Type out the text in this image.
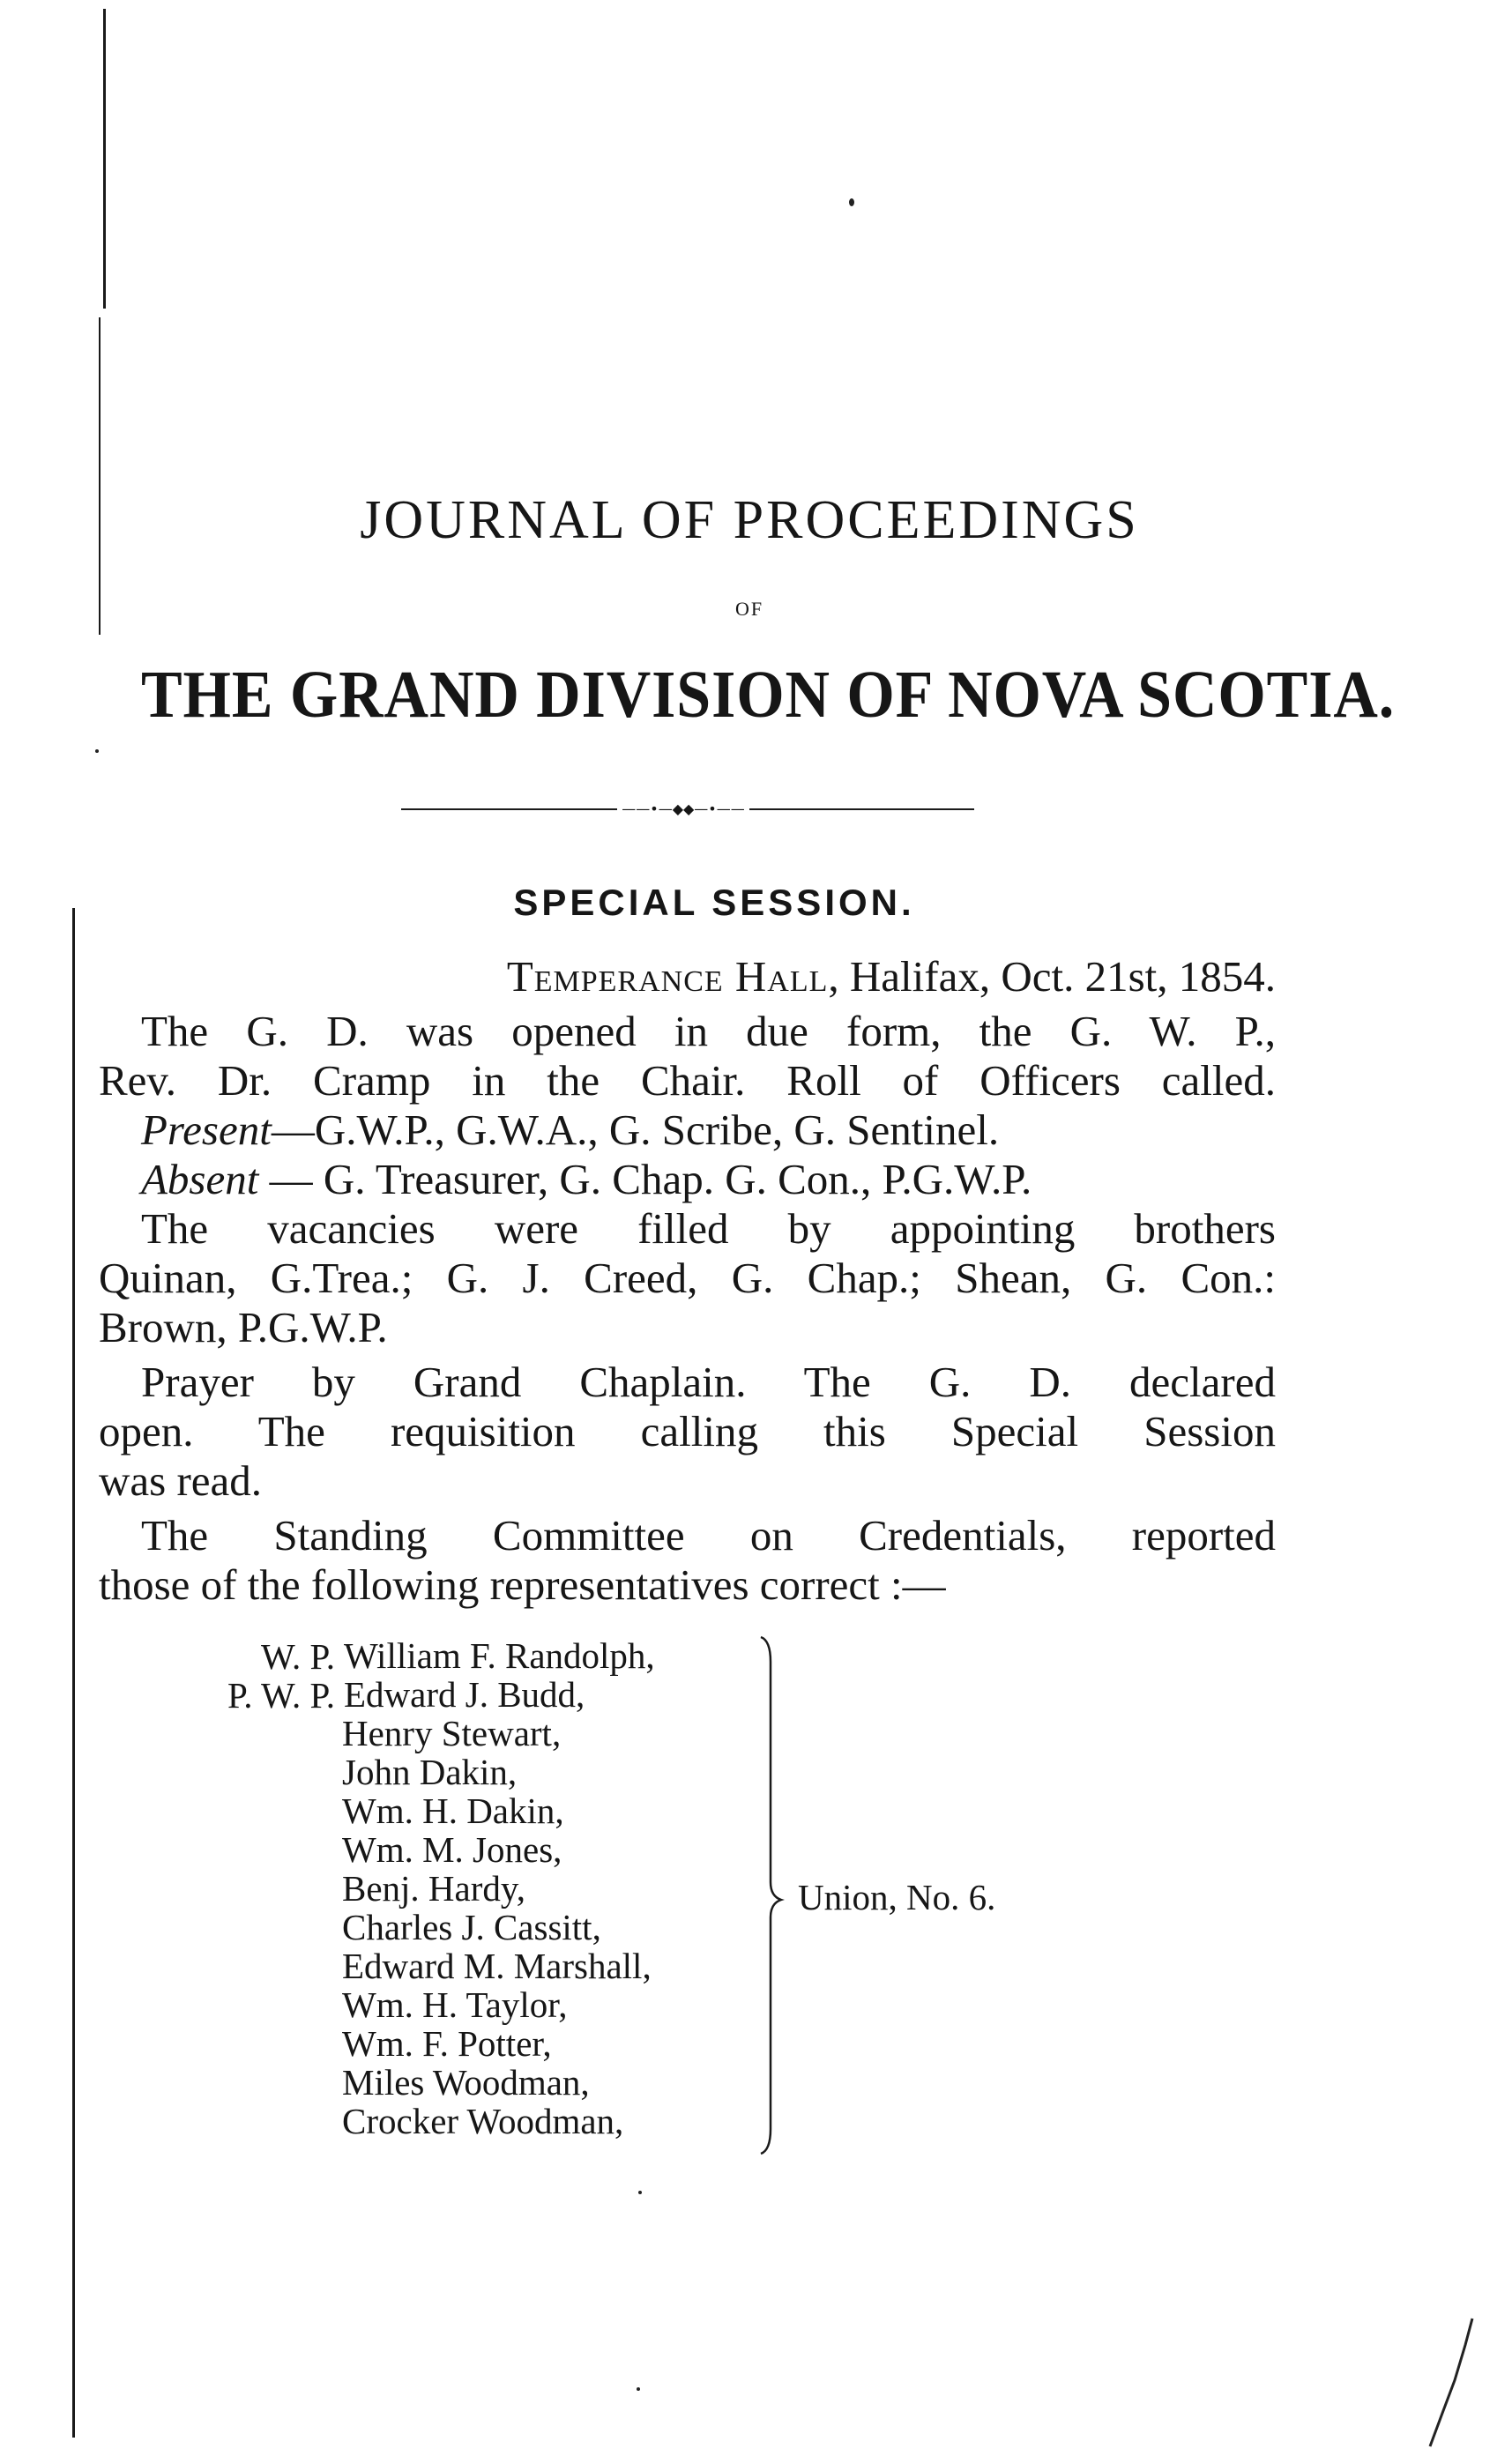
JOURNAL OF PROCEEDINGS
OF
THE GRAND DIVISION OF NOVA SCOTIA.
——•—◆◆—•——
SPECIAL SESSION.
Temperance Hall, Halifax, Oct. 21st, 1854.
The G. D. was opened in due form, the G. W. P.,
Rev. Dr. Cramp in the Chair. Roll of Officers called.
Present—G.W.P., G.W.A., G. Scribe, G. Sentinel.
Absent — G. Treasurer, G. Chap. G. Con., P.G.W.P.
The vacancies were filled by appointing brothers
Quinan, G.Trea.; G. J. Creed, G. Chap.; Shean, G. Con.:
Brown, P.G.W.P.
Prayer by Grand Chaplain. The G. D. declared
open. The requisition calling this Special Session
was read.
The Standing Committee on Credentials, reported
those of the following representatives correct :—
W. P.
P. W. P.
William F. Randolph,
Edward J. Budd,
Henry Stewart,
John Dakin,
Wm. H. Dakin,
Wm. M. Jones,
Benj. Hardy,
Charles J. Cassitt,
Edward M. Marshall,
Wm. H. Taylor,
Wm. F. Potter,
Miles Woodman,
Crocker Woodman,
Union, No. 6.
